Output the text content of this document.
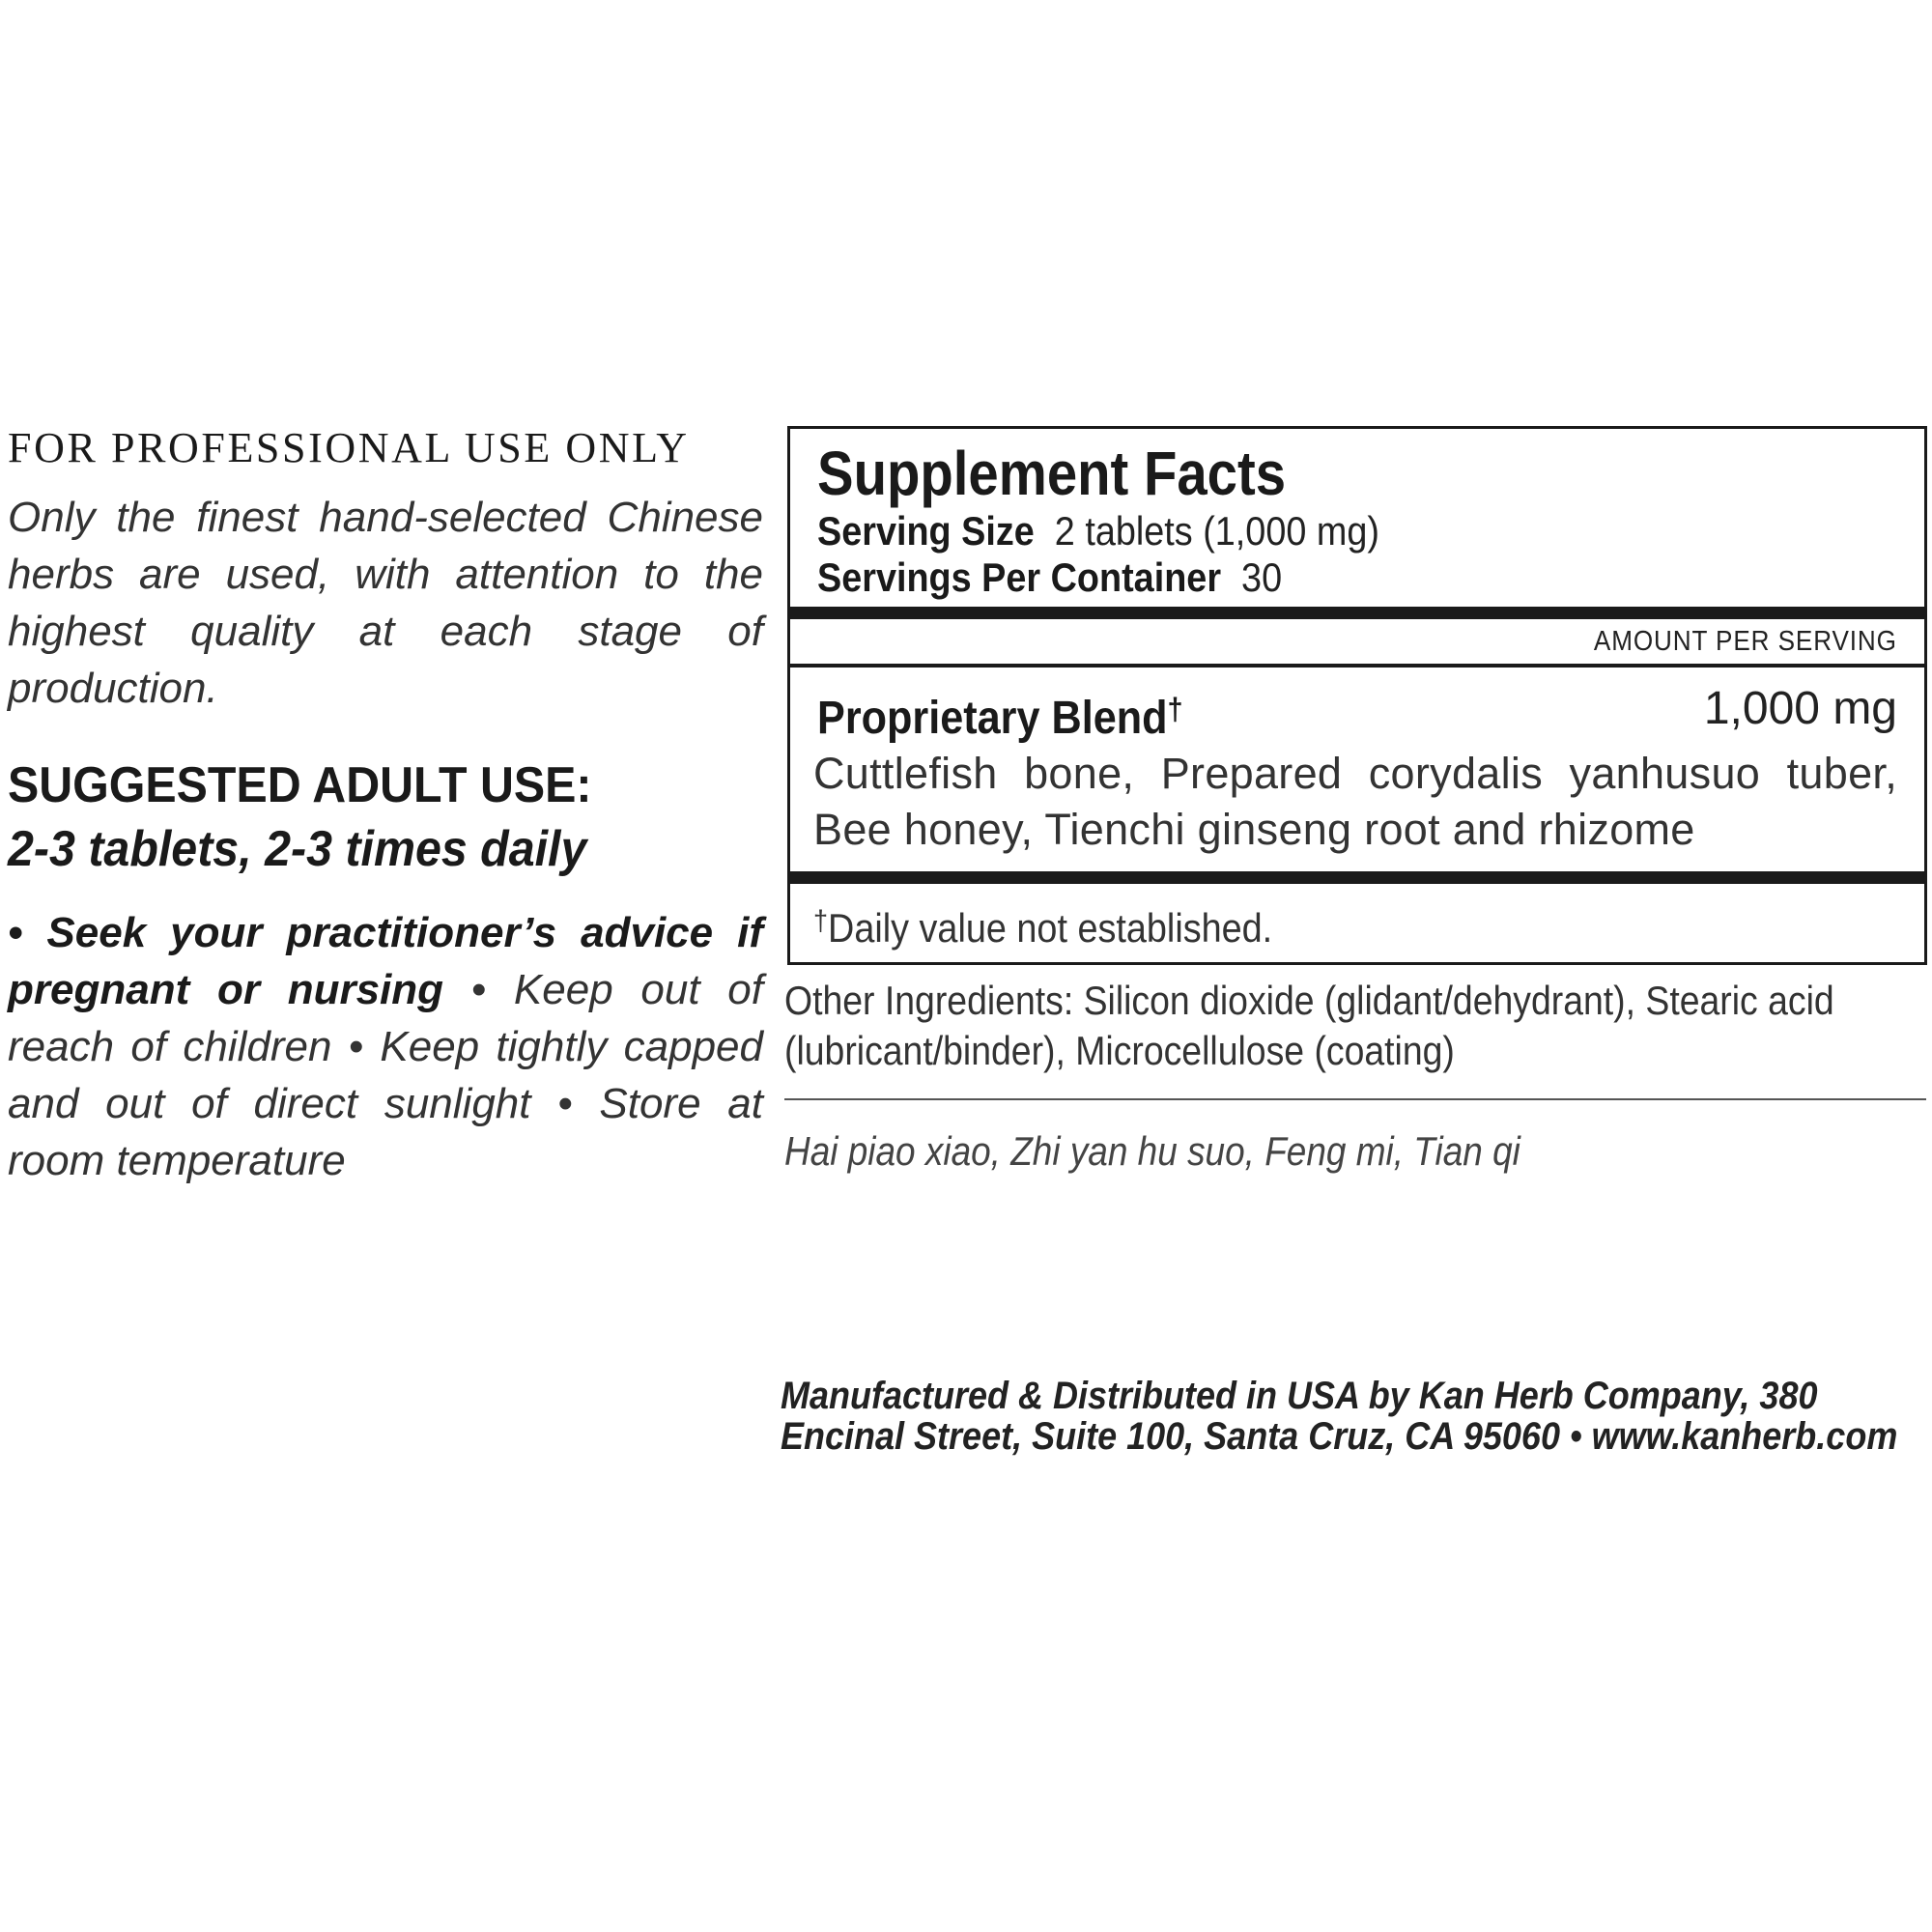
FOR PROFESSIONAL USE ONLY

Only the finest hand-selected Chinese herbs are used, with attention to the highest quality at each stage of production.

SUGGESTED ADULT USE:

2-3 tablets, 2-3 times daily

• Seek your practitioner’s advice if pregnant or nursing • Keep out of reach of children • Keep tightly capped and out of direct sunlight • Store at room temperature

Supplement Facts

Serving Size 2 tablets (1,000 mg)
Servings Per Container 30
AMOUNT PER SERVING
Proprietary Blend†	1,000 mg
Cuttlefish bone, Prepared corydalis yanhusuo tuber, Bee honey, Tienchi ginseng root and rhizome
†Daily value not established.

Other Ingredients: Silicon dioxide (glidant/dehydrant), Stearic acid
(lubricant/binder), Microcellulose (coating)

Hai piao xiao, Zhi yan hu suo, Feng mi, Tian qi

Manufactured & Distributed in USA by Kan Herb Company, 380
Encinal Street, Suite 100, Santa Cruz, CA 95060 • www.kanherb.com
